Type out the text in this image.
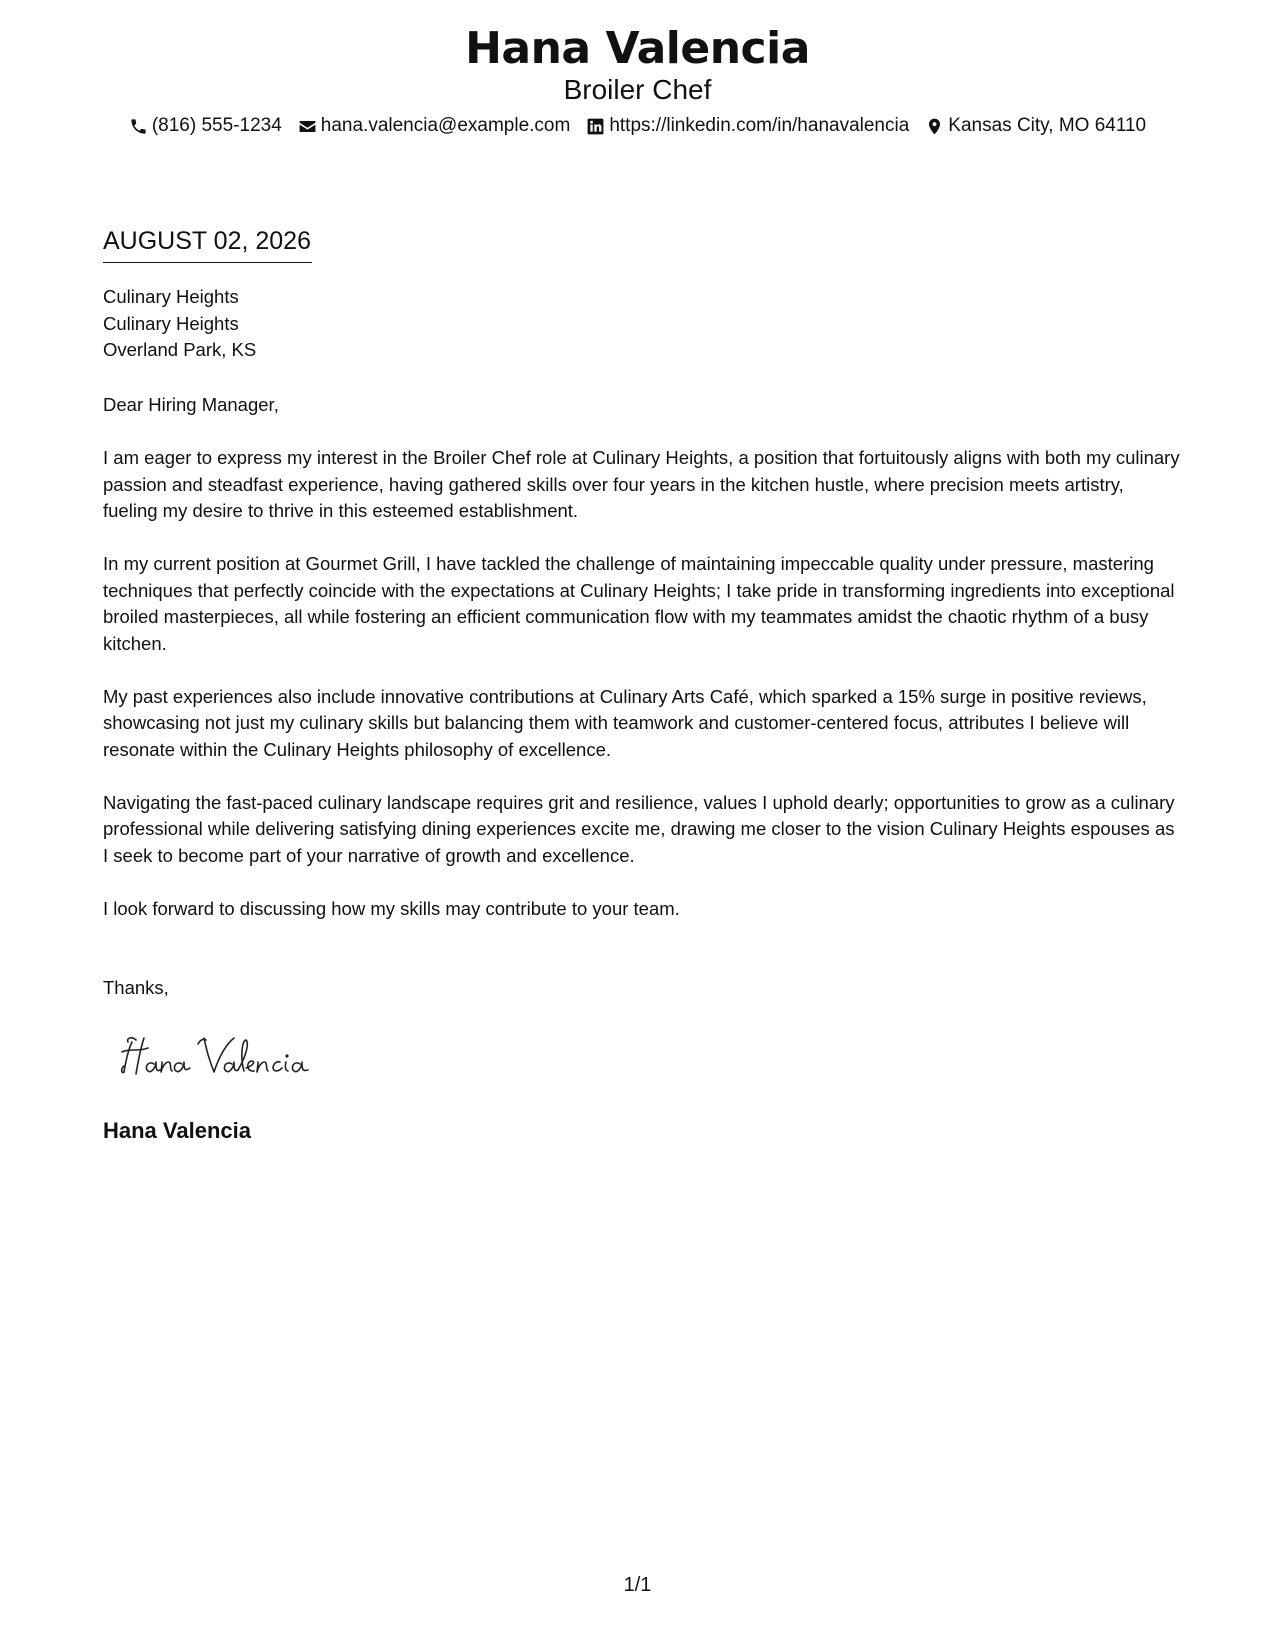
Hana Valencia
Broiler Chef
(816) 555-1234 hana.valencia@example.com https://linkedin.com/in/hanavalencia Kansas City, MO 64110
AUGUST 02, 2026
Culinary Heights
Culinary Heights
Overland Park, KS

Dear Hiring Manager,

I am eager to express my interest in the Broiler Chef role at Culinary Heights, a position that fortuitously aligns with both my culinary passion and steadfast experience, having gathered skills over four years in the kitchen hustle, where precision meets artistry, fueling my desire to thrive in this esteemed establishment.

In my current position at Gourmet Grill, I have tackled the challenge of maintaining impeccable quality under pressure, mastering techniques that perfectly coincide with the expectations at Culinary Heights; I take pride in transforming ingredients into exceptional broiled masterpieces, all while fostering an efficient communication flow with my teammates amidst the chaotic rhythm of a busy kitchen.

My past experiences also include innovative contributions at Culinary Arts Café, which sparked a 15% surge in positive reviews, showcasing not just my culinary skills but balancing them with teamwork and customer-centered focus, attributes I believe will resonate within the Culinary Heights philosophy of excellence.

Navigating the fast-paced culinary landscape requires grit and resilience, values I uphold dearly; opportunities to grow as a culinary professional while delivering satisfying dining experiences excite me, drawing me closer to the vision Culinary Heights espouses as I seek to become part of your narrative of growth and excellence.

I look forward to discussing how my skills may contribute to your team.

Thanks,
Hana Valencia
1/1
